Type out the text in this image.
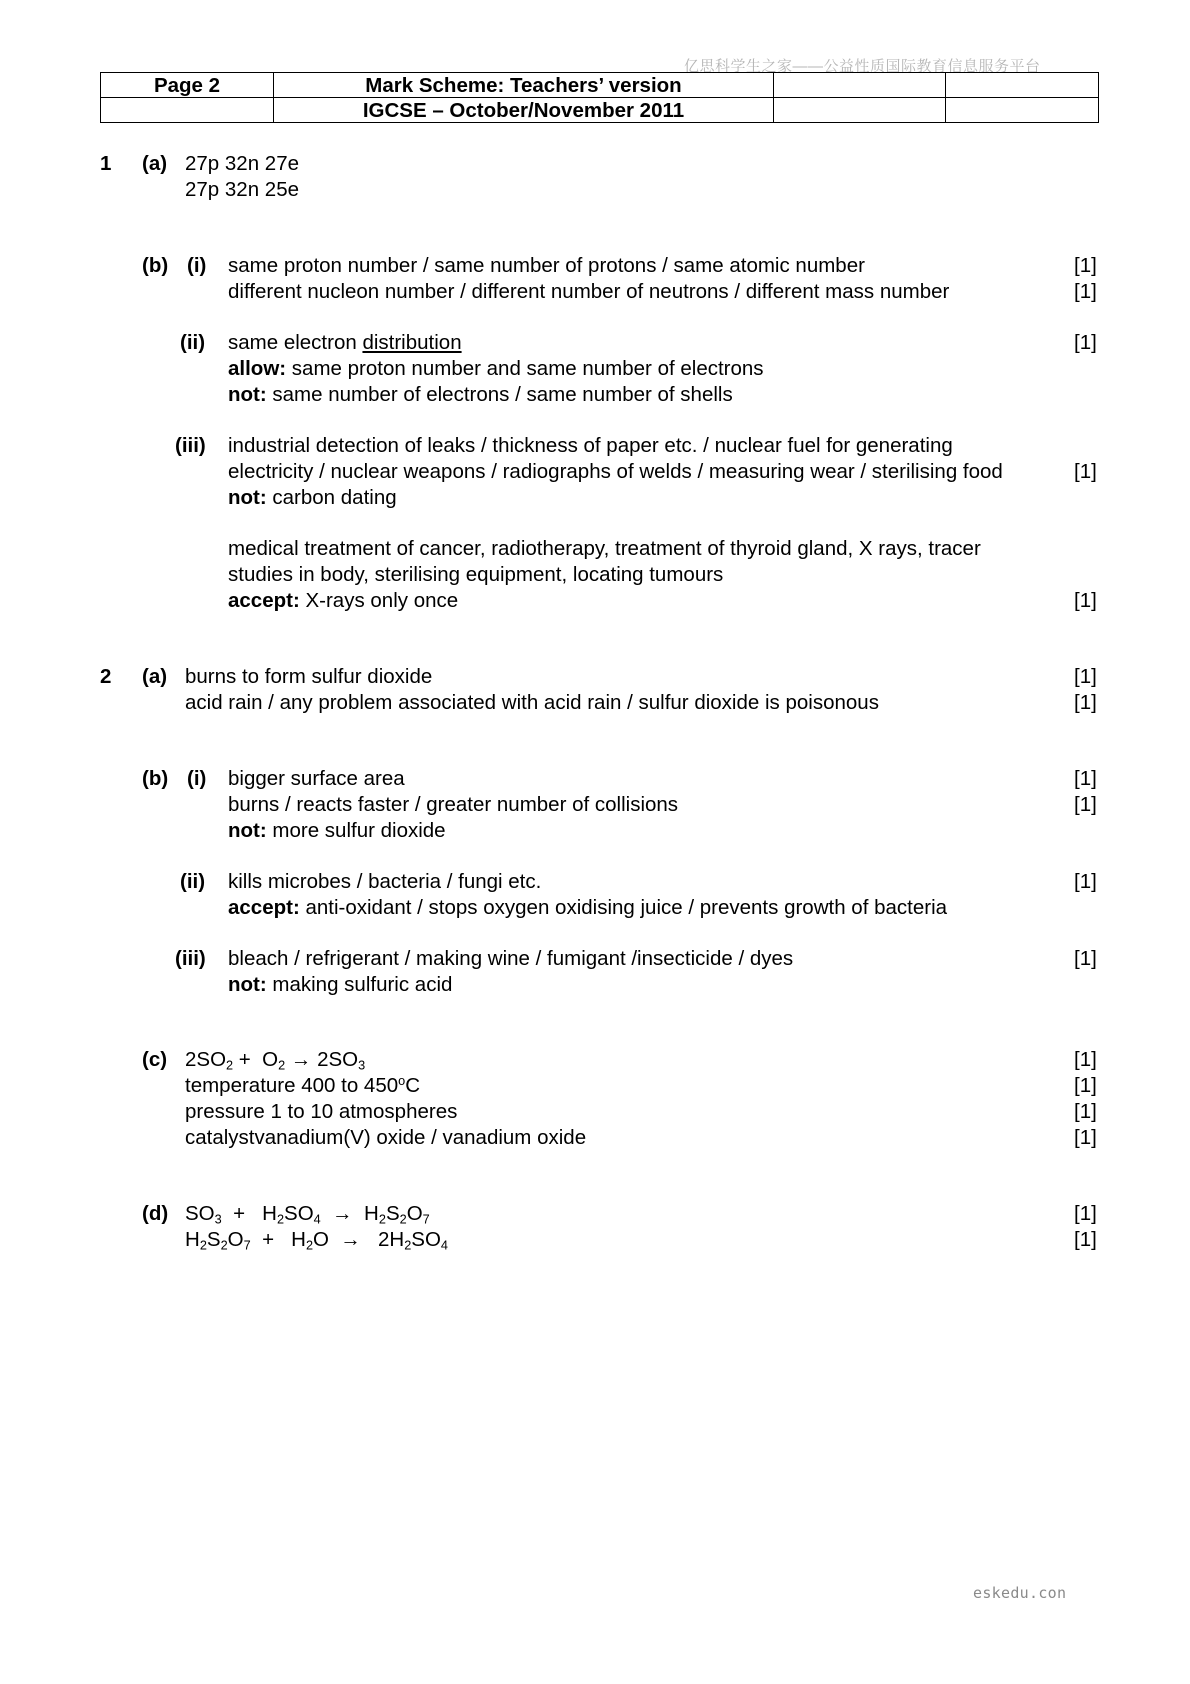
亿思科学生之家——公益性质国际教育信息服务平台
Page 2	Mark Scheme: Teachers’ version		
	IGCSE – October/November 2011		
1 (a) 27p 32n 27e
27p 32n 25e
(b) (i) same proton number / same number of protons / same atomic number	[1]
different nucleon number / different number of neutrons / different mass number	[1]
(ii) same electron distribution	[1]
allow: same proton number and same number of electrons
not: same number of electrons / same number of shells
(iii) industrial detection of leaks / thickness of paper etc. / nuclear fuel for generating
electricity / nuclear weapons / radiographs of welds / measuring wear / sterilising food	[1]
not: carbon dating
medical treatment of cancer, radiotherapy, treatment of thyroid gland, X rays, tracer
studies in body, sterilising equipment, locating tumours
accept: X-rays only once	[1]
2 (a) burns to form sulfur dioxide	[1]
acid rain / any problem associated with acid rain / sulfur dioxide is poisonous	[1]
(b) (i) bigger surface area	[1]
burns / reacts faster / greater number of collisions	[1]
not: more sulfur dioxide
(ii) kills microbes / bacteria / fungi etc.	[1]
accept: anti-oxidant / stops oxygen oxidising juice / prevents growth of bacteria
(iii) bleach / refrigerant / making wine / fumigant /insecticide / dyes	[1]
not: making sulfuric acid
(c) $2SO_2 + O_2 \to 2SO_3$	[1]
temperature 400 to 450$^o$C	[1]
pressure 1 to 10 atmospheres	[1]
catalystvanadium(V) oxide / vanadium oxide	[1]
(d) $SO_3 + H_2SO_4 \to H_2S_2O_7$	[1]
$H_2S_2O_7 + H_2O \to 2H_2SO_4$	[1]
eskedu.con
